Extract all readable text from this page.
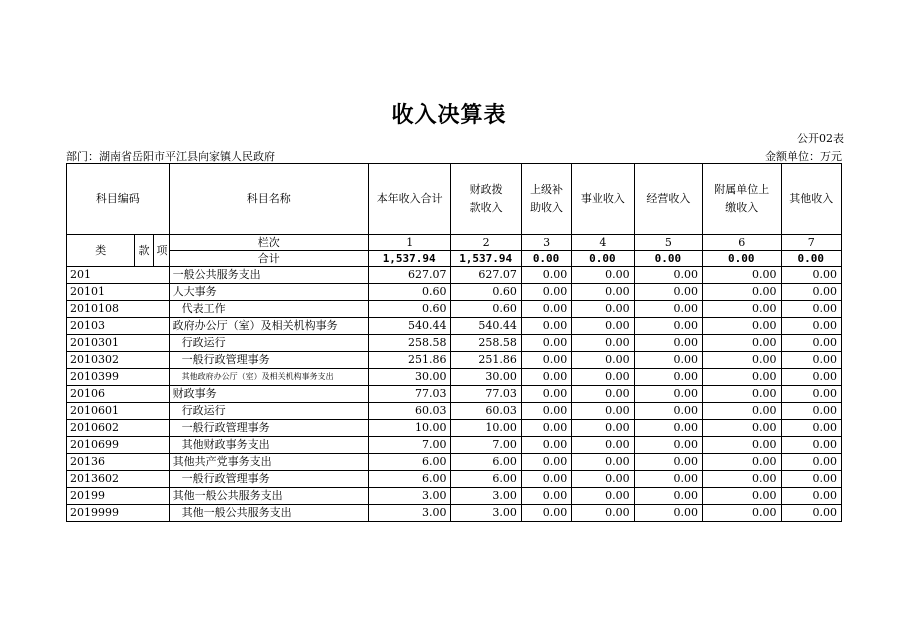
收入决算表
公开02表
部门：湖南省岳阳市平江县向家镇人民政府	金额单位：万元
科目编码			科目名称	本年收入合计	财政拨款收入	上级补助收入	事业收入	经营收入	附属单位上缴收入	其他收入
类	款	项	栏次	1	2	3	4	5	6	7
			合计	1,537.94	1,537.94	0.00	0.00	0.00	0.00	0.00
201			一般公共服务支出	627.07	627.07	0.00	0.00	0.00	0.00	0.00
20101			人大事务	0.60	0.60	0.00	0.00	0.00	0.00	0.00
2010108			代表工作	0.60	0.60	0.00	0.00	0.00	0.00	0.00
20103			政府办公厅（室）及相关机构事务	540.44	540.44	0.00	0.00	0.00	0.00	0.00
2010301			行政运行	258.58	258.58	0.00	0.00	0.00	0.00	0.00
2010302			一般行政管理事务	251.86	251.86	0.00	0.00	0.00	0.00	0.00
2010399			其他政府办公厅（室）及相关机构事务支出	30.00	30.00	0.00	0.00	0.00	0.00	0.00
20106			财政事务	77.03	77.03	0.00	0.00	0.00	0.00	0.00
2010601			行政运行	60.03	60.03	0.00	0.00	0.00	0.00	0.00
2010602			一般行政管理事务	10.00	10.00	0.00	0.00	0.00	0.00	0.00
2010699			其他财政事务支出	7.00	7.00	0.00	0.00	0.00	0.00	0.00
20136			其他共产党事务支出	6.00	6.00	0.00	0.00	0.00	0.00	0.00
2013602			一般行政管理事务	6.00	6.00	0.00	0.00	0.00	0.00	0.00
20199			其他一般公共服务支出	3.00	3.00	0.00	0.00	0.00	0.00	0.00
2019999			其他一般公共服务支出	3.00	3.00	0.00	0.00	0.00	0.00	0.00
